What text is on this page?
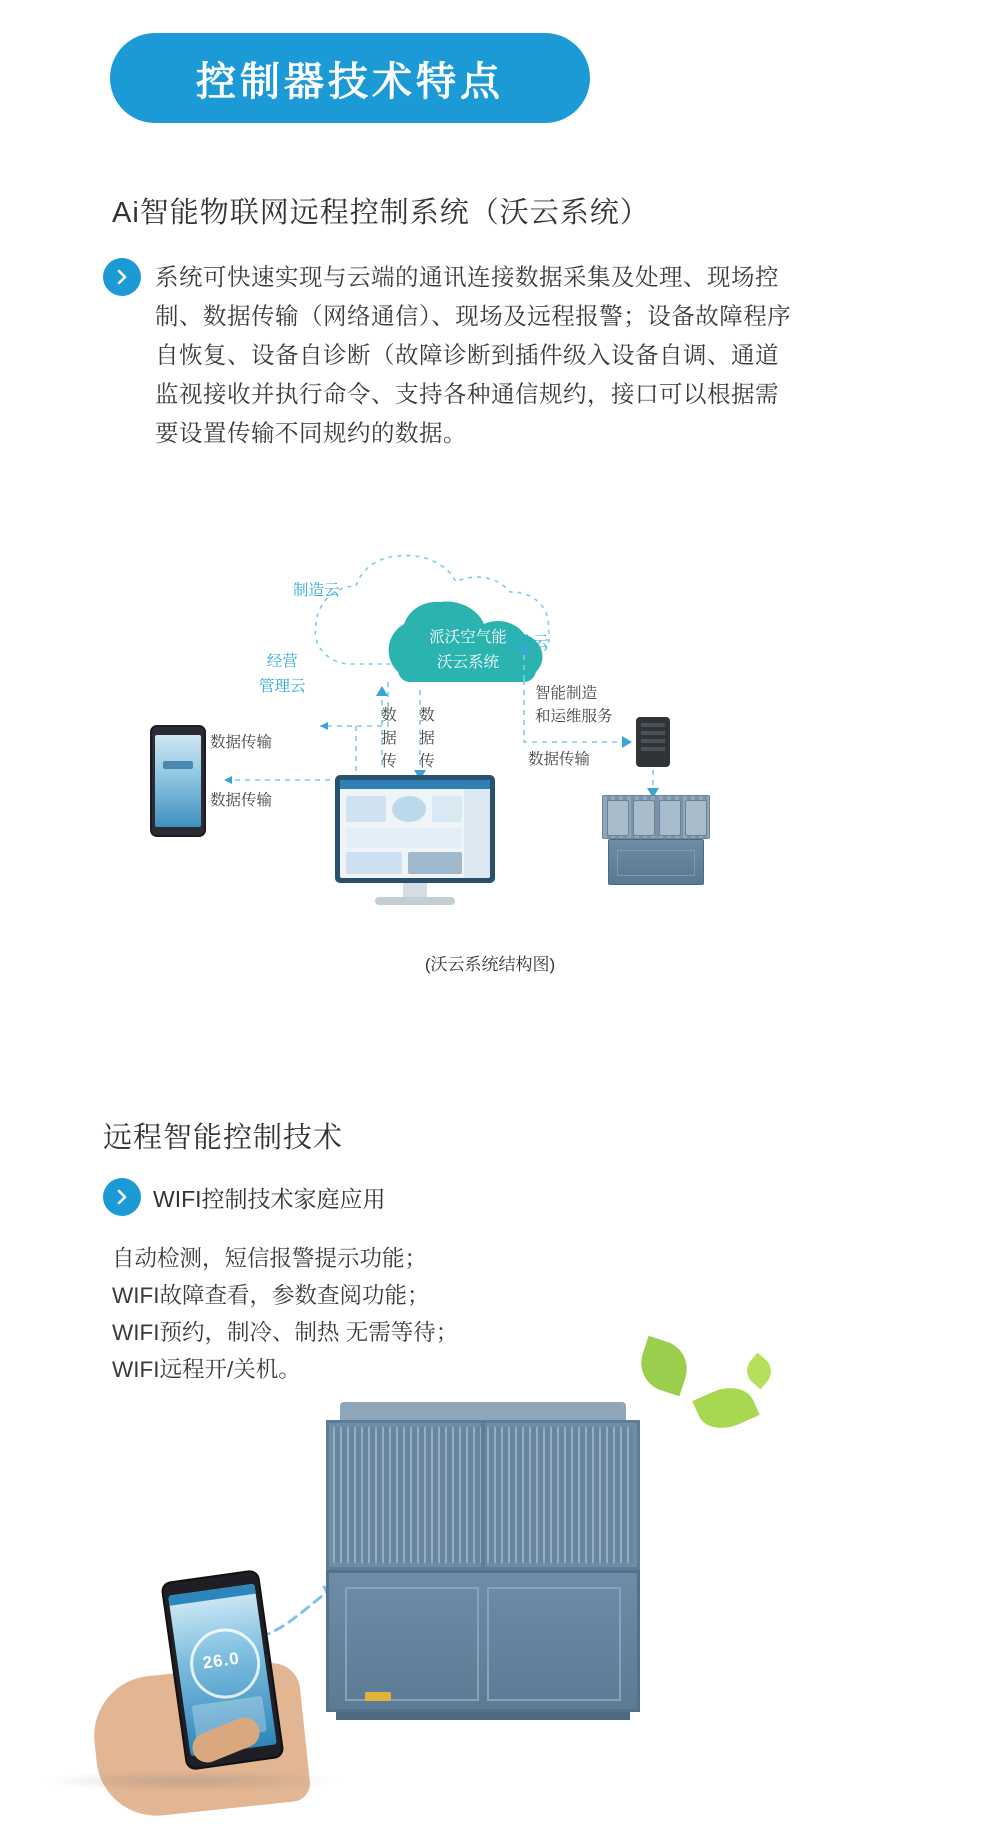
控制器技术特点
Ai智能物联网远程控制系统（沃云系统）
系统可快速实现与云端的通讯连接数据采集及处理、现场控制、数据传输（网络通信）、现场及远程报警；设备故障程序自恢复、设备自诊断（故障诊断到插件级入设备自调、通道监视接收并执行命令、支持各种通信规约，接口可以根据需要设置传输不同规约的数据。
制造云
经营
管理云
行业云
派沃空气能
沃云系统
数
据
传
数
据
传
智能制造
和运维服务
数据传输
数据传输
数据传输
(沃云系统结构图)
远程智能控制技术
WIFI控制技术家庭应用
自动检测，短信报警提示功能；
WIFI故障查看，参数查阅功能；
WIFI预约，制冷、制热 无需等待；
WIFI远程开/关机。
26.0
